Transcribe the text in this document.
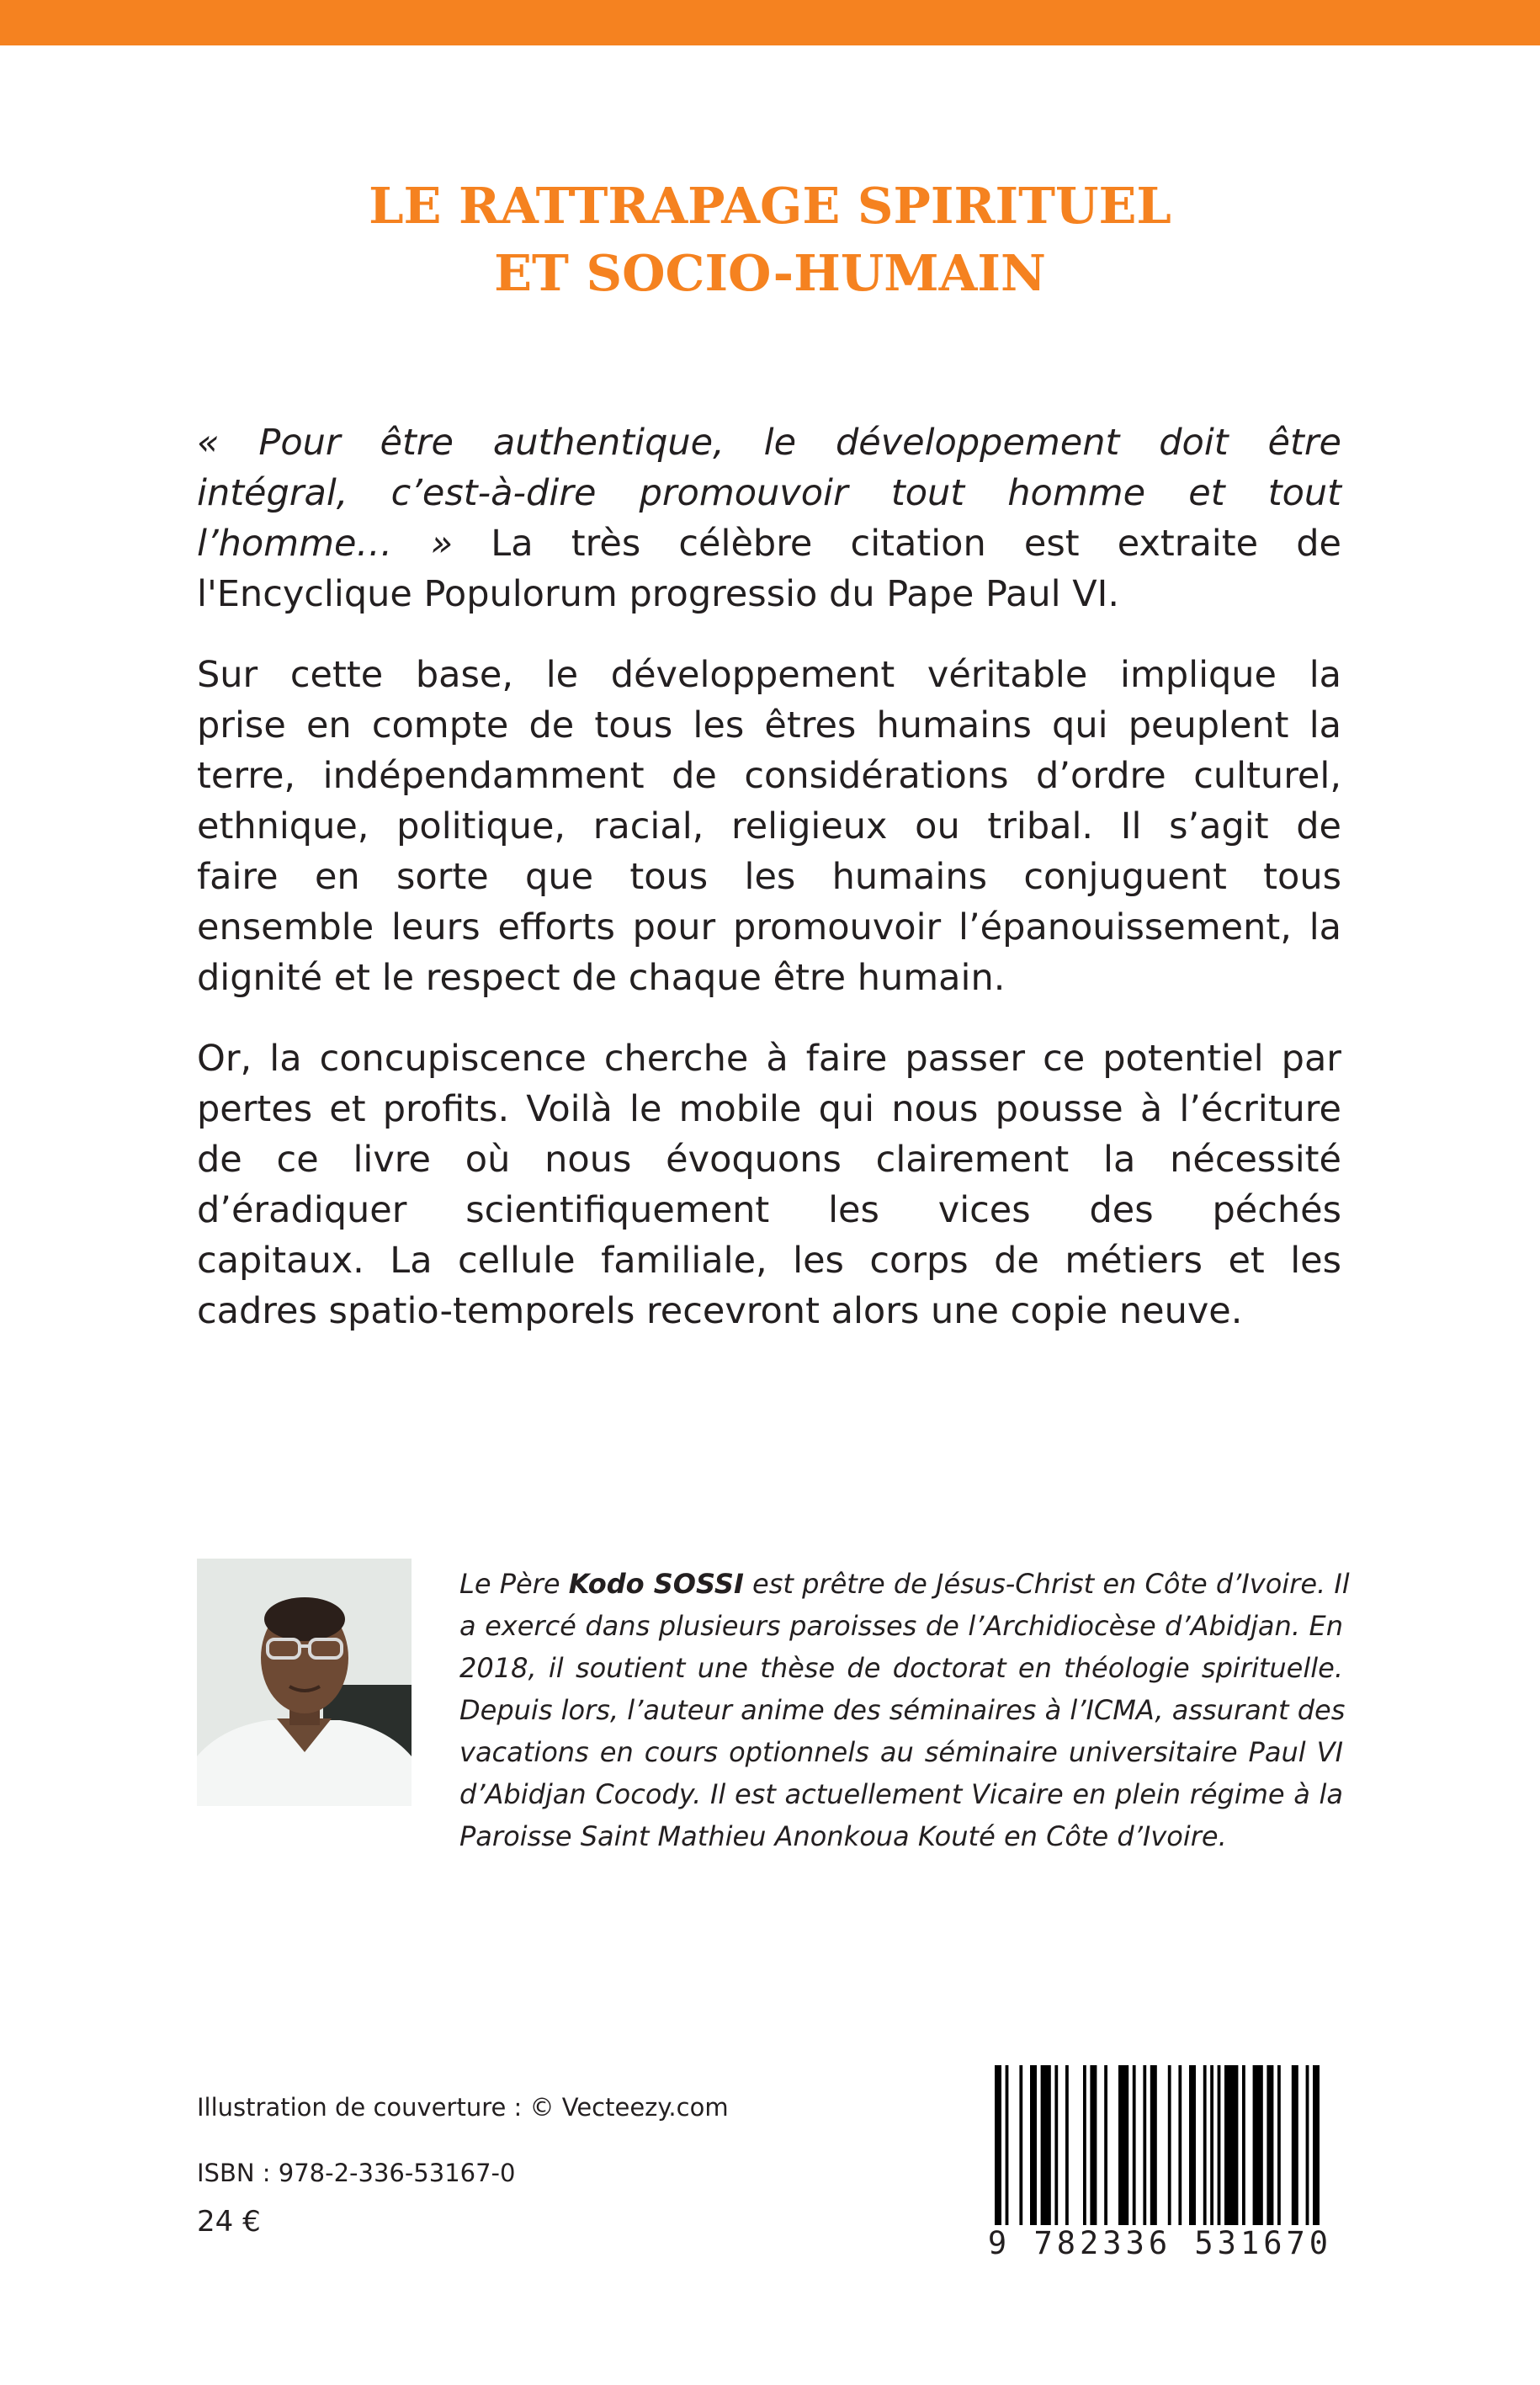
LE RATTRAPAGE SPIRITUEL
ET SOCIO-HUMAIN
« Pour être authentique, le développement doit être
intégral, c’est-à-dire promouvoir tout homme et tout
l’homme… » La très célèbre citation est extraite de
l'Encyclique Populorum progressio du Pape Paul VI.
Sur cette base, le développement véritable implique la
prise en compte de tous les êtres humains qui peuplent la
terre, indépendamment de considérations d’ordre culturel,
ethnique, politique, racial, religieux ou tribal. Il s’agit de
faire en sorte que tous les humains conjuguent tous
ensemble leurs efforts pour promouvoir l’épanouissement, la
dignité et le respect de chaque être humain.
Or, la concupiscence cherche à faire passer ce potentiel par
pertes et profits. Voilà le mobile qui nous pousse à l’écriture
de ce livre où nous évoquons clairement la nécessité
d’éradiquer scientifiquement les vices des péchés
capitaux. La cellule familiale, les corps de métiers et les
cadres spatio-temporels recevront alors une copie neuve.
Le Père Kodo SOSSI est prêtre de Jésus-Christ en Côte d’Ivoire. Il
a exercé dans plusieurs paroisses de l’Archidiocèse d’Abidjan. En
2018, il soutient une thèse de doctorat en théologie spirituelle.
Depuis lors, l’auteur anime des séminaires à l’ICMA, assurant des
vacations en cours optionnels au séminaire universitaire Paul VI
d’Abidjan Cocody. Il est actuellement Vicaire en plein régime à la
Paroisse Saint Mathieu Anonkoua Kouté en Côte d’Ivoire.
Illustration de couverture : © Vecteezy.com
ISBN : 978-2-336-53167-0
24 €
9 782336 531670
